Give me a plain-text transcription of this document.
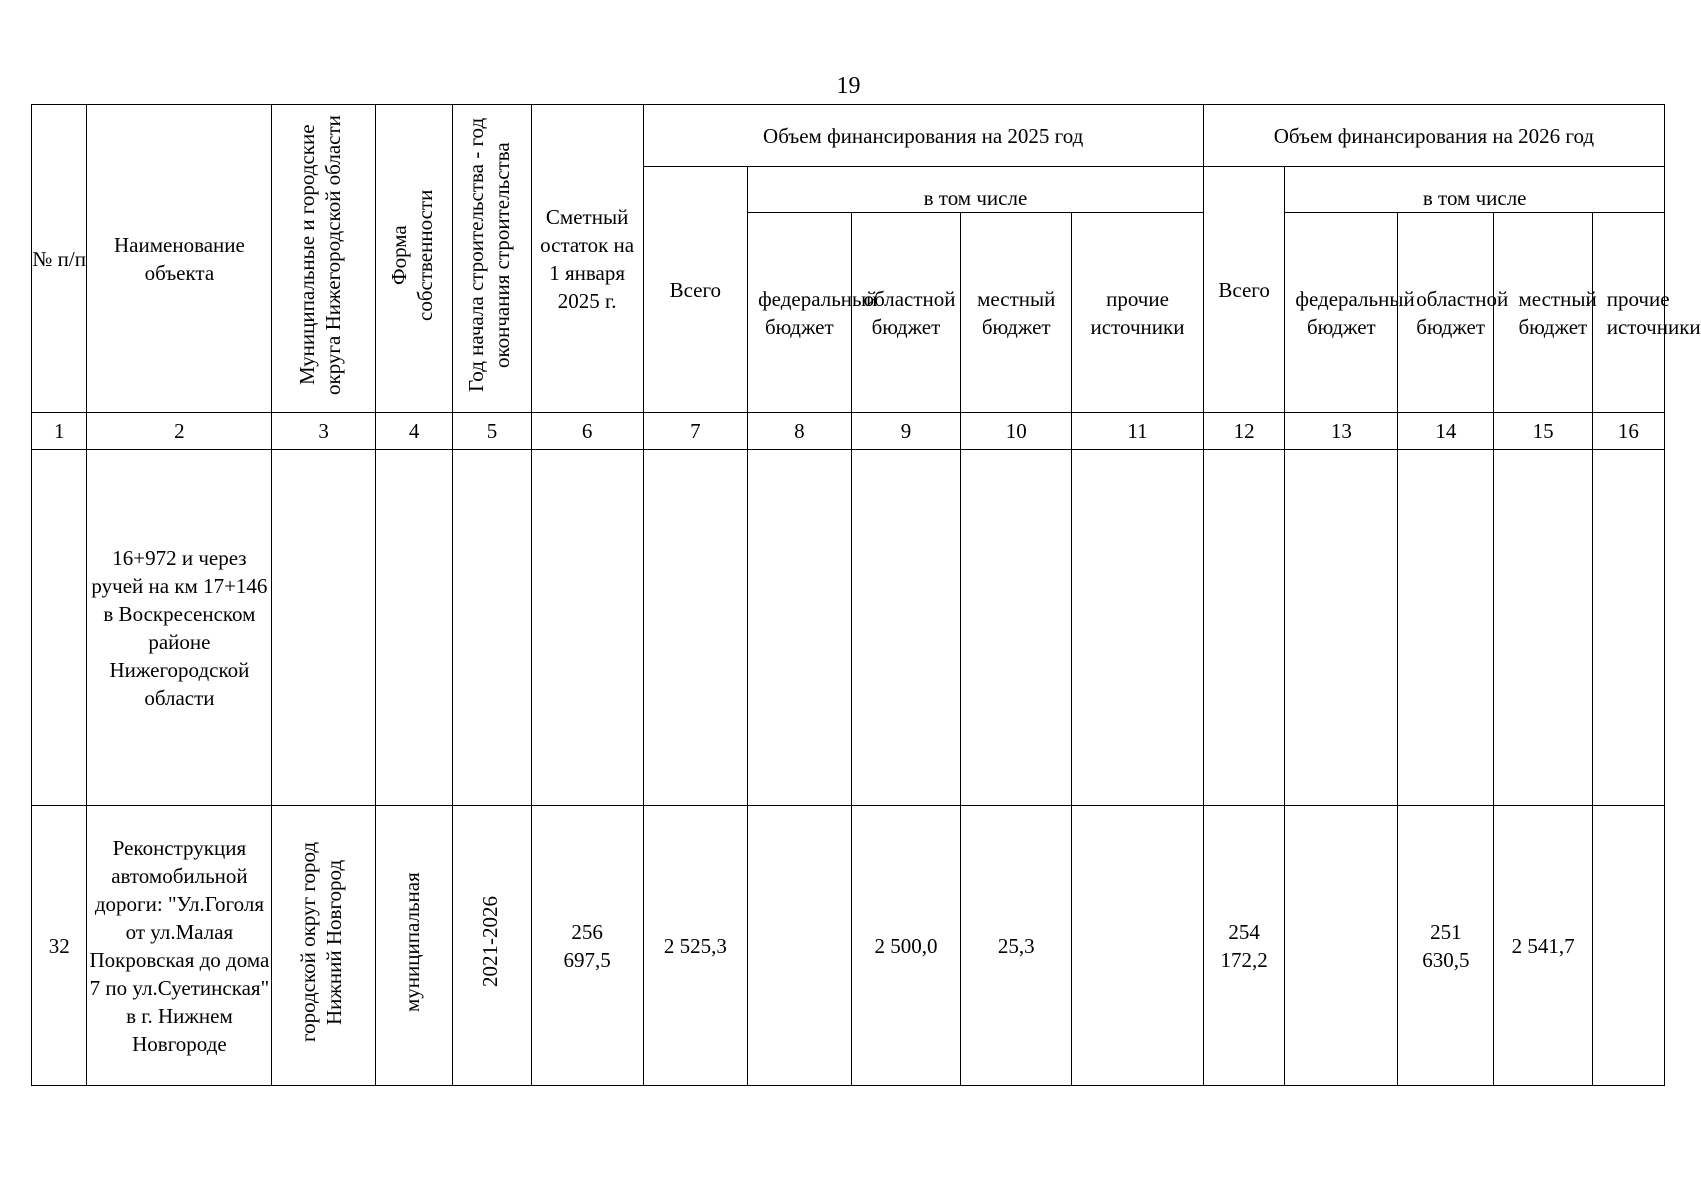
19
№ п/п	Наименование объекта	Муниципальные и городские округа Нижегородской области	Форма собственности	Год начала строительства - год окончания строительства	Сметный остаток на 1 января 2025 г.	Объем финансирования на 2025 год					Объем финансирования на 2026 год				
						Всего	в том числе				Всего	в том числе			
							федеральный бюджет	областной бюджет	местный бюджет	прочие источники		федеральный бюджет	областной бюджет	местный бюджет	прочие источники
1	2	3	4	5	6	7	8	9	10	11	12	13	14	15	16
	16+972 и через ручей на км 17+146 в Воскресенском районе Нижегородской области														
32	Реконструкция автомобильной дороги: "Ул.Гоголя от ул.Малая Покровская до дома 7 по ул.Суетинская" в г. Нижнем Новгороде	городской округ город Нижний Новгород	муниципальная	2021-2026	256 697,5	2 525,3		2 500,0	25,3		254 172,2		251 630,5	2 541,7	
